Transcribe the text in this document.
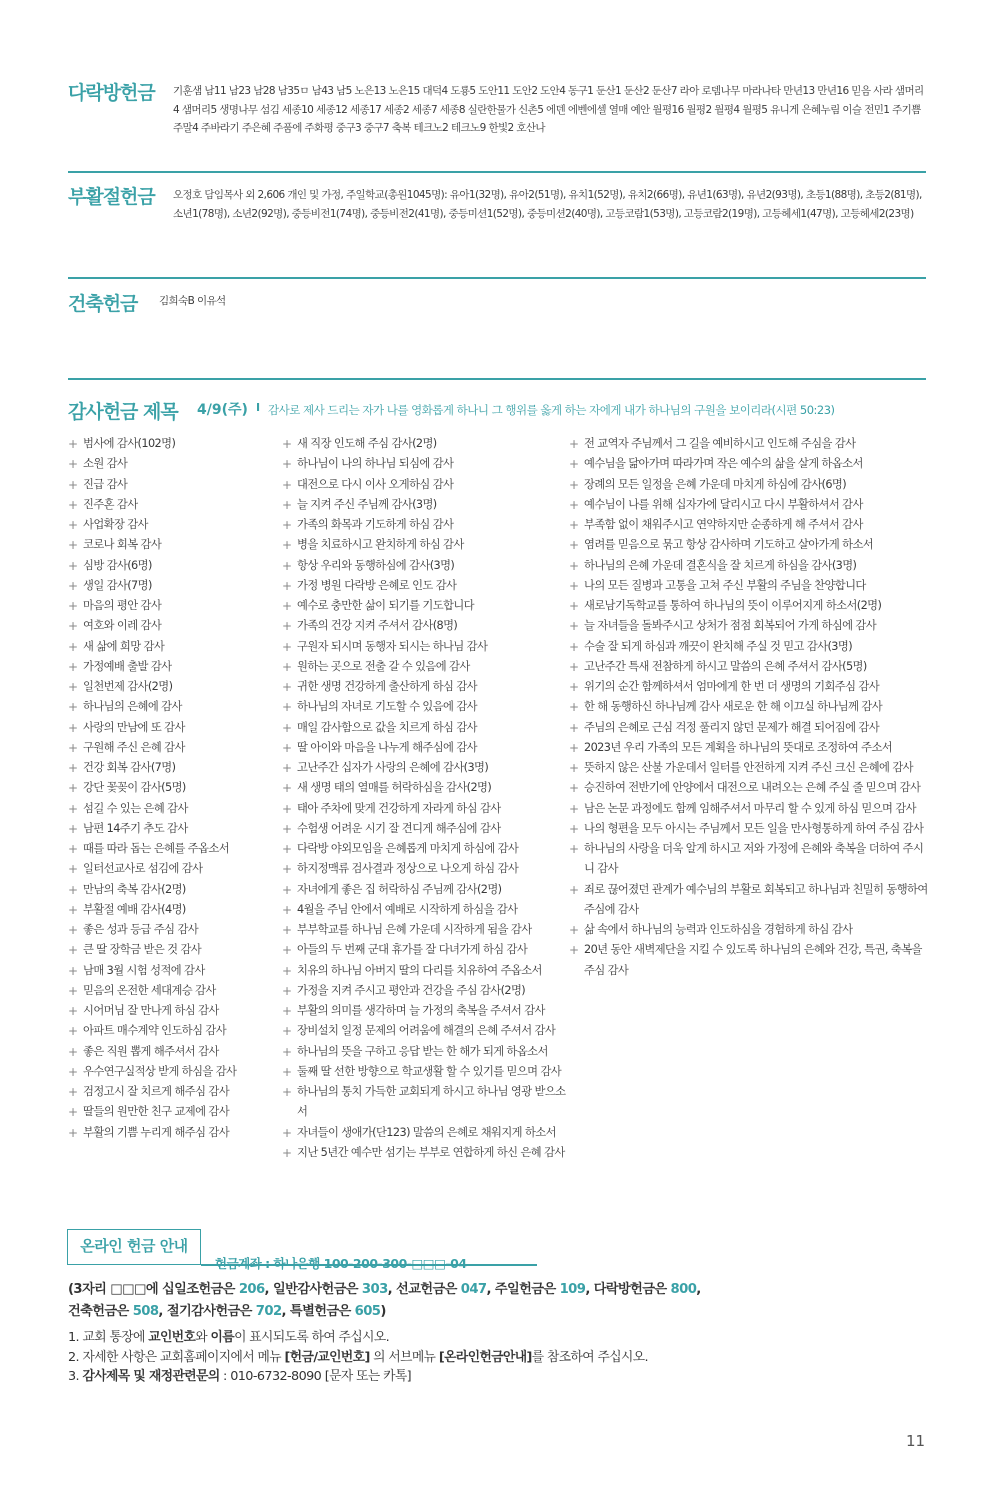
다락방헌금 기훈샘 남11 남23 남28 남35ㅁ 남43 남5 노은13 노은15 대덕4 도룡5 도안11 도안2 도안4 동구1 둔산1 둔산2 둔산7 라아 로뎀나무 마라나타 만년13 만년16 믿음 사라 샘머리4 샘머리5 생명나무 섬김 세종10 세종12 세종17 세종2 세종7 세종8 실란한물가 신촌5 에덴 에벤에셀 열매 예안 월평16 월평2 월평4 월평5 유니게 은혜누림 이슬 전민1 주기쁨 주말4 주바라기 주은혜 주품에 주화평 중구3 중구7 축복 테크노2 테크노9 한빛2 호산나
부활절헌금 오정호 담임목사 외 2,606 개인 및 가정, 주일학교(총원1045명): 유아1(32명), 유아2(51명), 유치1(52명), 유치2(66명), 유년1(63명), 유년2(93명), 초등1(88명), 초등2(81명), 소년1(78명), 소년2(92명), 중등비전1(74명), 중등비전2(41명), 중등미션1(52명), 중등미션2(40명), 고등코람1(53명), 고등코람2(19명), 고등헤세1(47명), 고등헤세2(23명)
건축헌금 김희숙B 이유석
감사헌금 제목 4/9(주) I 감사로 제사 드리는 자가 나를 영화롭게 하나니 그 행위를 옳게 하는 자에게 내가 하나님의 구원을 보이리라(시편 50:23)
+ 범사에 감사(102명)
+ 소원 감사
+ 진급 감사
+ 진주혼 감사
+ 사업확장 감사
+ 코로나 회복 감사
+ 심방 감사(6명)
+ 생일 감사(7명)
+ 마음의 평안 감사
+ 여호와 이레 감사
+ 새 삶에 희망 감사
+ 가정예배 출발 감사
+ 일천번제 감사(2명)
+ 하나님의 은혜에 감사
+ 사랑의 만남에 또 감사
+ 구원해 주신 은혜 감사
+ 건강 회복 감사(7명)
+ 강단 꽃꽂이 감사(5명)
+ 섬길 수 있는 은혜 감사
+ 남편 14주기 추도 감사
+ 때를 따라 돕는 은혜를 주옵소서
+ 일터선교사로 섬김에 감사
+ 만남의 축복 감사(2명)
+ 부활절 예배 감사(4명)
+ 좋은 성과 등급 주심 감사
+ 큰 딸 장학금 받은 것 감사
+ 남매 3월 시험 성적에 감사
+ 믿음의 온전한 세대계승 감사
+ 시어머님 잘 만나게 하심 감사
+ 아파트 매수계약 인도하심 감사
+ 좋은 직원 뽑게 해주셔서 감사
+ 우수연구실적상 받게 하심을 감사
+ 검정고시 잘 치르게 해주심 감사
+ 딸들의 원만한 친구 교제에 감사
+ 부활의 기쁨 누리게 해주심 감사
+ 새 직장 인도해 주심 감사(2명)
+ 하나님이 나의 하나님 되심에 감사
+ 대전으로 다시 이사 오게하심 감사
+ 늘 지켜 주신 주님께 감사(3명)
+ 가족의 화목과 기도하게 하심 감사
+ 병을 치료하시고 완치하게 하심 감사
+ 항상 우리와 동행하심에 감사(3명)
+ 가정 병원 다락방 은혜로 인도 감사
+ 예수로 충만한 삶이 되기를 기도합니다
+ 가족의 건강 지켜 주셔서 감사(8명)
+ 구원자 되시며 동행자 되시는 하나님 감사
+ 원하는 곳으로 전출 갈 수 있음에 감사
+ 귀한 생명 건강하게 출산하게 하심 감사
+ 하나님의 자녀로 기도할 수 있음에 감사
+ 매일 감사함으로 값을 치르게 하심 감사
+ 딸 아이와 마음을 나누게 해주심에 감사
+ 고난주간 십자가 사랑의 은혜에 감사(3명)
+ 새 생명 태의 열매를 허락하심을 감사(2명)
+ 태아 주차에 맞게 건강하게 자라게 하심 감사
+ 수험생 어려운 시기 잘 견디게 해주심에 감사
+ 다락방 야외모임을 은혜롭게 마치게 하심에 감사
+ 하지정맥류 검사결과 정상으로 나오게 하심 감사
+ 자녀에게 좋은 집 허락하심 주님께 감사(2명)
+ 4월을 주님 안에서 예배로 시작하게 하심을 감사
+ 부부학교를 하나님 은혜 가운데 시작하게 됨을 감사
+ 아들의 두 번째 군대 휴가를 잘 다녀가게 하심 감사
+ 치유의 하나님 아버지 딸의 다리를 치유하여 주옵소서
+ 가정을 지켜 주시고 평안과 건강을 주심 감사(2명)
+ 부활의 의미를 생각하며 늘 가정의 축복을 주셔서 감사
+ 장비설치 일정 문제의 어려움에 해결의 은혜 주셔서 감사
+ 하나님의 뜻을 구하고 응답 받는 한 해가 되게 하옵소서
+ 둘째 딸 선한 방향으로 학교생활 할 수 있기를 믿으며 감사
+ 하나님의 통치 가득한 교회되게 하시고 하나님 영광 받으소서
+ 자녀들이 생애가(단123) 말씀의 은혜로 채워지게 하소서
+ 지난 5년간 예수만 섬기는 부부로 연합하게 하신 은혜 감사
+ 전 교역자 주님께서 그 길을 예비하시고 인도해 주심을 감사
+ 예수님을 닮아가며 따라가며 작은 예수의 삶을 살게 하옵소서
+ 장례의 모든 일정을 은혜 가운데 마치게 하심에 감사(6명)
+ 예수님이 나를 위해 십자가에 달리시고 다시 부활하셔서 감사
+ 부족함 없이 채워주시고 연약하지만 순종하게 해 주셔서 감사
+ 염려를 믿음으로 묶고 항상 감사하며 기도하고 살아가게 하소서
+ 하나님의 은혜 가운데 결혼식을 잘 치르게 하심을 감사(3명)
+ 나의 모든 질병과 고통을 고쳐 주신 부활의 주님을 찬양합니다
+ 새로남기독학교를 통하여 하나님의 뜻이 이루어지게 하소서(2명)
+ 늘 자녀들을 돌봐주시고 상처가 점점 회복되어 가게 하심에 감사
+ 수술 잘 되게 하심과 깨끗이 완치해 주실 것 믿고 감사(3명)
+ 고난주간 특새 전참하게 하시고 말씀의 은혜 주셔서 감사(5명)
+ 위기의 순간 함께하셔서 엄마에게 한 번 더 생명의 기회주심 감사
+ 한 해 동행하신 하나님께 감사 새로운 한 해 이끄실 하나님께 감사
+ 주님의 은혜로 근심 걱정 풀리지 않던 문제가 해결 되어짐에 감사
+ 2023년 우리 가족의 모든 계획을 하나님의 뜻대로 조정하여 주소서
+ 뜻하지 않은 산불 가운데서 일터를 안전하게 지켜 주신 크신 은혜에 감사
+ 승진하여 전반기에 안양에서 대전으로 내려오는 은혜 주실 줄 믿으며 감사
+ 남은 논문 과정에도 함께 임해주셔서 마무리 할 수 있게 하심 믿으며 감사
+ 나의 형편을 모두 아시는 주님께서 모든 일을 만사형통하게 하여 주심 감사
+ 하나님의 사랑을 더욱 알게 하시고 저와 가정에 은혜와 축복을 더하여 주시니 감사
+ 죄로 끊어졌던 관계가 예수님의 부활로 회복되고 하나님과 친밀히 동행하여 주심에 감사
+ 삶 속에서 하나님의 능력과 인도하심을 경험하게 하심 감사
+ 20년 동안 새벽제단을 지킬 수 있도록 하나님의 은혜와 건강, 특권, 축복을 주심 감사
온라인 헌금 안내
헌금계좌 : 하나은행 100-200-300-□□□-04
(3자리 □□□에 십일조헌금은 206, 일반감사헌금은 303, 선교헌금은 047, 주일헌금은 109, 다락방헌금은 800,
건축헌금은 508, 절기감사헌금은 702, 특별헌금은 605)
1. 교회 통장에 교인번호와 이름이 표시되도록 하여 주십시오.
2. 자세한 사항은 교회홈페이지에서 메뉴 [헌금/교인번호] 의 서브메뉴 [온라인헌금안내]를 참조하여 주십시오.
3. 감사제목 및 재정관련문의 : 010-6732-8090 [문자 또는 카톡]
11
